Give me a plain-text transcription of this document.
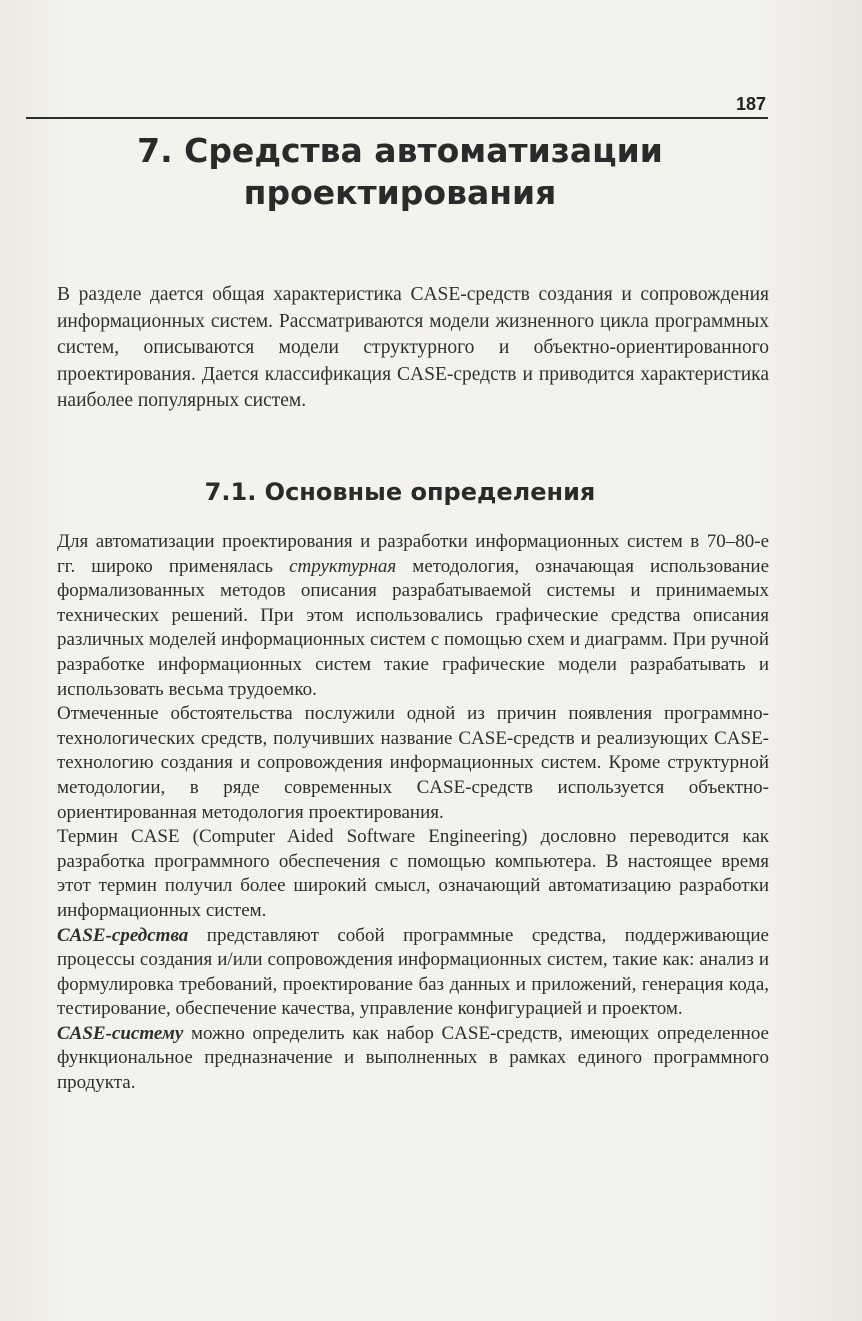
187
7. Средства автоматизации проектирования

В разделе дается общая характеристика CASE-средств создания и сопровождения информационных систем. Рассматриваются модели жизненного цикла программных систем, описываются модели структурного и объектно-ориентированного проектирования. Дается классификация CASE-средств и приводится характеристика наиболее популярных систем.

7.1. Основные определения

Для автоматизации проектирования и разработки информационных систем в 70–80-е гг. широко применялась структурная методология, означающая использование формализованных методов описания разрабатываемой системы и принимаемых технических решений. При этом использовались графические средства описания различных моделей информационных систем с помощью схем и диаграмм. При ручной разработке информационных систем такие графические модели разрабатывать и использовать весьма трудоемко.

Отмеченные обстоятельства послужили одной из причин появления программно-технологических средств, получивших название CASE-средств и реализующих CASE-технологию создания и сопровождения информационных систем. Кроме структурной методологии, в ряде современных CASE-средств используется объектно-ориентированная методология проектирования.

Термин CASE (Computer Aided Software Engineering) дословно переводится как разработка программного обеспечения с помощью компьютера. В настоящее время этот термин получил более широкий смысл, означающий автоматизацию разработки информационных систем.

CASE-средства представляют собой программные средства, поддерживающие процессы создания и/или сопровождения информационных систем, такие как: анализ и формулировка требований, проектирование баз данных и приложений, генерация кода, тестирование, обеспечение качества, управление конфигурацией и проектом.

CASE-систему можно определить как набор CASE-средств, имеющих определенное функциональное предназначение и выполненных в рамках единого программного продукта.
